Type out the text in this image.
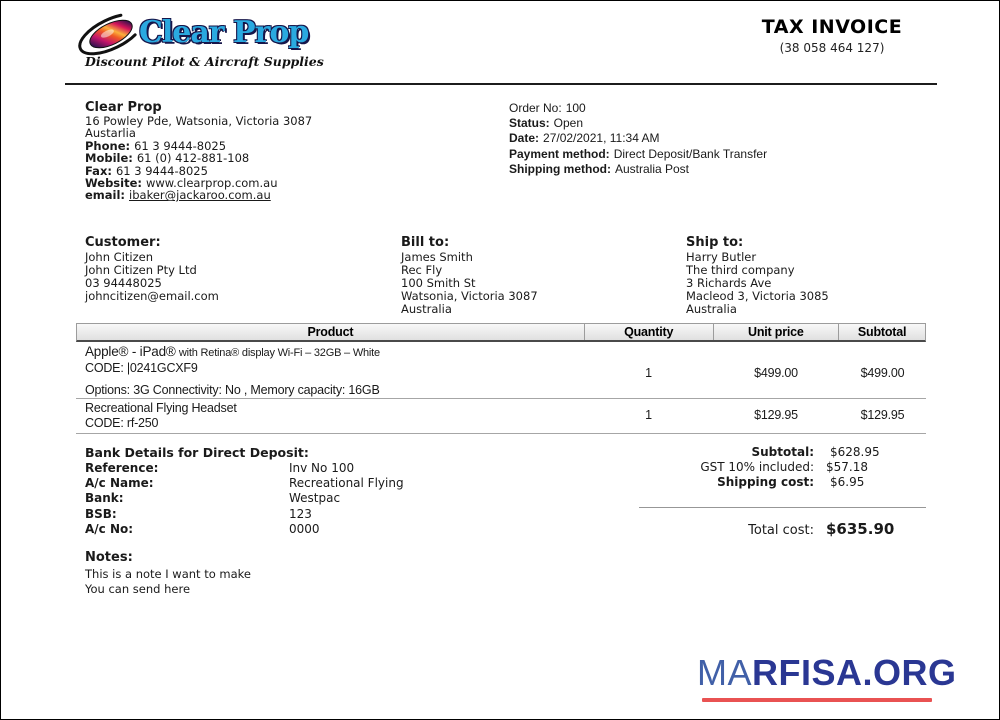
Clear Prop
Discount Pilot & Aircraft Supplies
TAX INVOICE
(38 058 464 127)
Clear Prop
16 Powley Pde, Watsonia, Victoria 3087
Austarlia
Phone: 61 3 9444-8025
Mobile: 61 (0) 412-881-108
Fax: 61 3 9444-8025
Website: www.clearprop.com.au
email: ibaker@jackaroo.com.au
Order No: 100
Status: Open
Date: 27/02/2021, 11:34 AM
Payment method: Direct Deposit/Bank Transfer
Shipping method: Australia Post
Customer:
John Citizen
John Citizen Pty Ltd
03 94448025
johncitizen@email.com
Bill to:
James Smith
Rec Fly
100 Smith St
Watsonia, Victoria 3087
Australia
Ship to:
Harry Butler
The third company
3 Richards Ave
Macleod 3, Victoria 3085
Australia
Product	Quantity	Unit price	Subtotal
Apple® - iPad® with Retina® display Wi-Fi – 32GB – White
CODE: |0241GCXF9
Options: 3G Connectivity: No , Memory capacity: 16GB
1	$499.00	$499.00
Recreational Flying Headset
CODE: rf-250
1	$129.95	$129.95
Bank Details for Direct Deposit:
Reference:	Inv No 100
A/c Name:	Recreational Flying
Bank:	Westpac
BSB:	123
A/c No:	0000
Subtotal: $628.95
GST 10% included: $57.18
Shipping cost: $6.95
Total cost: $635.90
Notes:
This is a note I want to make
You can send here
MARFISA.ORG
